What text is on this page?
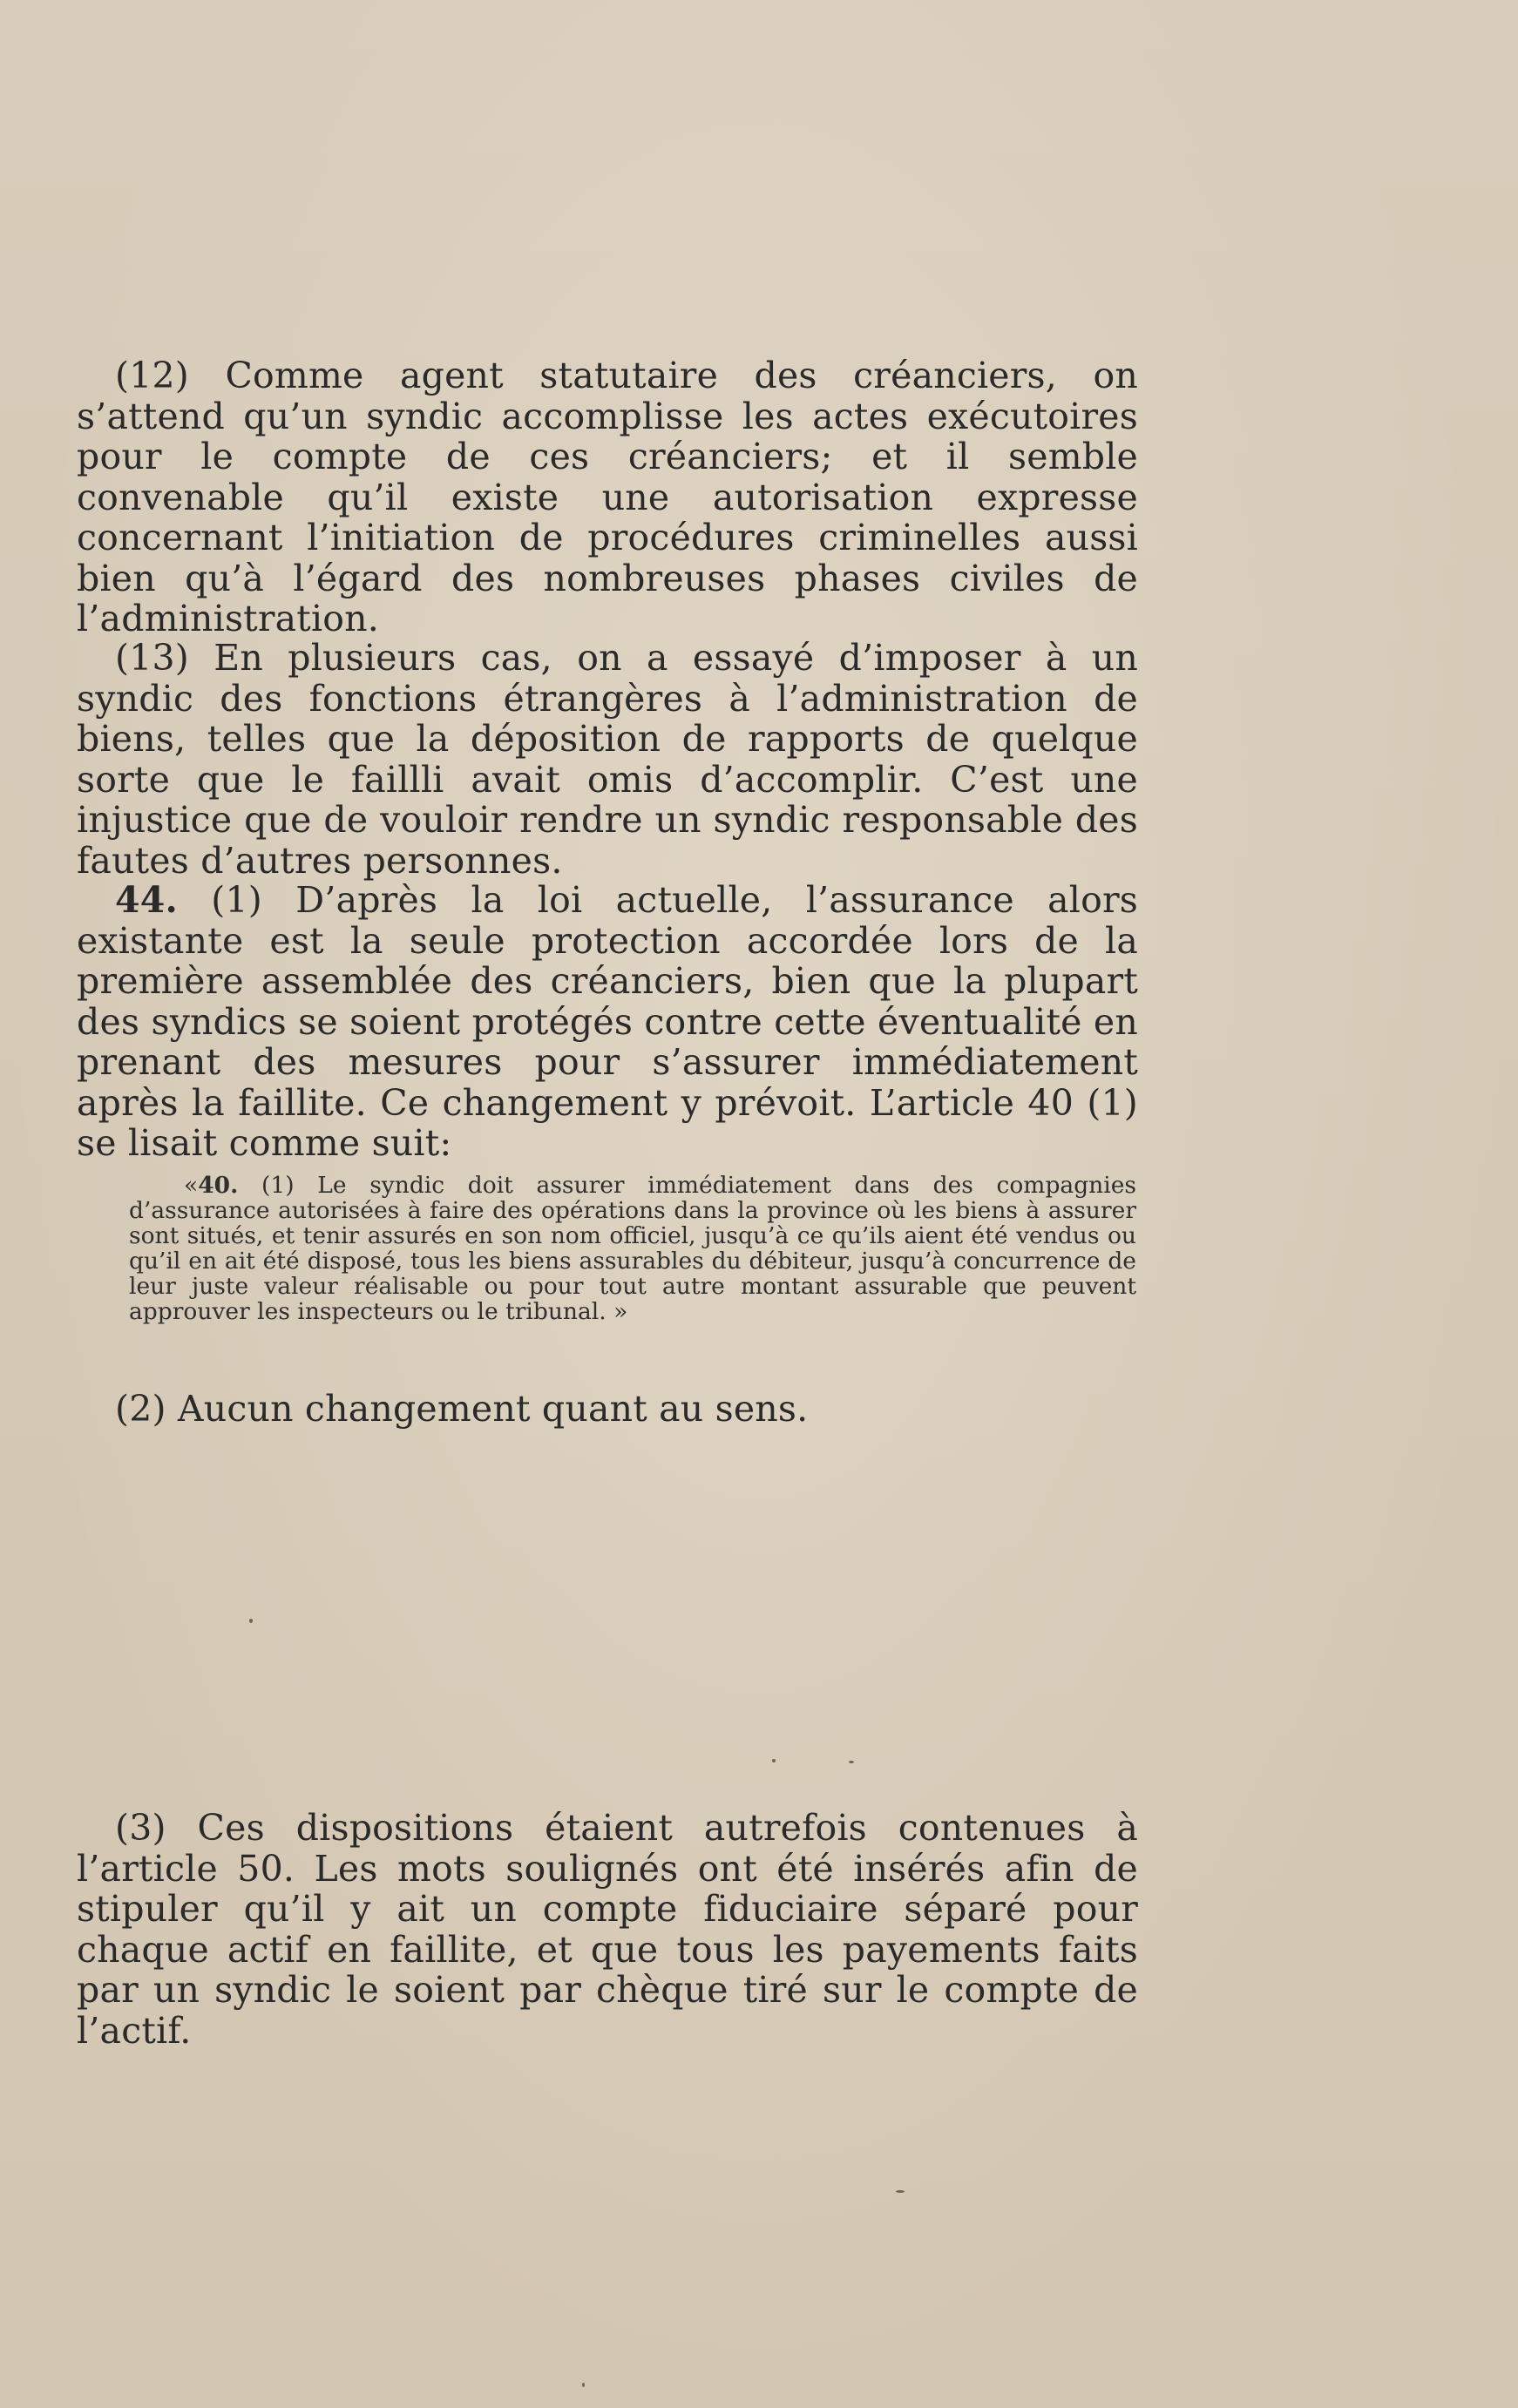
(12) Comme agent statutaire des créanciers, on s’attend qu’un syndic accomplisse les actes exécutoires pour le compte de ces créanciers; et il semble convenable qu’il existe une autorisation expresse concernant l’initiation de procédures criminelles aussi bien qu’à l’égard des nombreuses phases civiles de l’administration.

(13) En plusieurs cas, on a essayé d’imposer à un syndic des fonctions étrangères à l’administration de biens, telles que la déposition de rapports de quelque sorte que le faillli avait omis d’accomplir. C’est une injustice que de vouloir rendre un syndic responsable des fautes d’autres personnes.

44. (1) D’après la loi actuelle, l’assurance alors existante est la seule protection accordée lors de la première assemblée des créanciers, bien que la plupart des syndics se soient protégés contre cette éventualité en prenant des mesures pour s’assurer immédiatement après la faillite. Ce changement y prévoit. L’article 40 (1) se lisait comme suit:

«40. (1) Le syndic doit assurer immédiatement dans des compagnies d’assurance autorisées à faire des opérations dans la province où les biens à assurer sont situés, et tenir assurés en son nom officiel, jusqu’à ce qu’ils aient été vendus ou qu’il en ait été disposé, tous les biens assurables du débiteur, jusqu’à concurrence de leur juste valeur réalisable ou pour tout autre montant assurable que peuvent approuver les inspecteurs ou le tribunal. »

(2) Aucun changement quant au sens.

(3) Ces dispositions étaient autrefois contenues à l’article 50. Les mots soulignés ont été insérés afin de stipuler qu’il y ait un compte fiduciaire séparé pour chaque actif en faillite, et que tous les payements faits par un syndic le soient par chèque tiré sur le compte de l’actif.
